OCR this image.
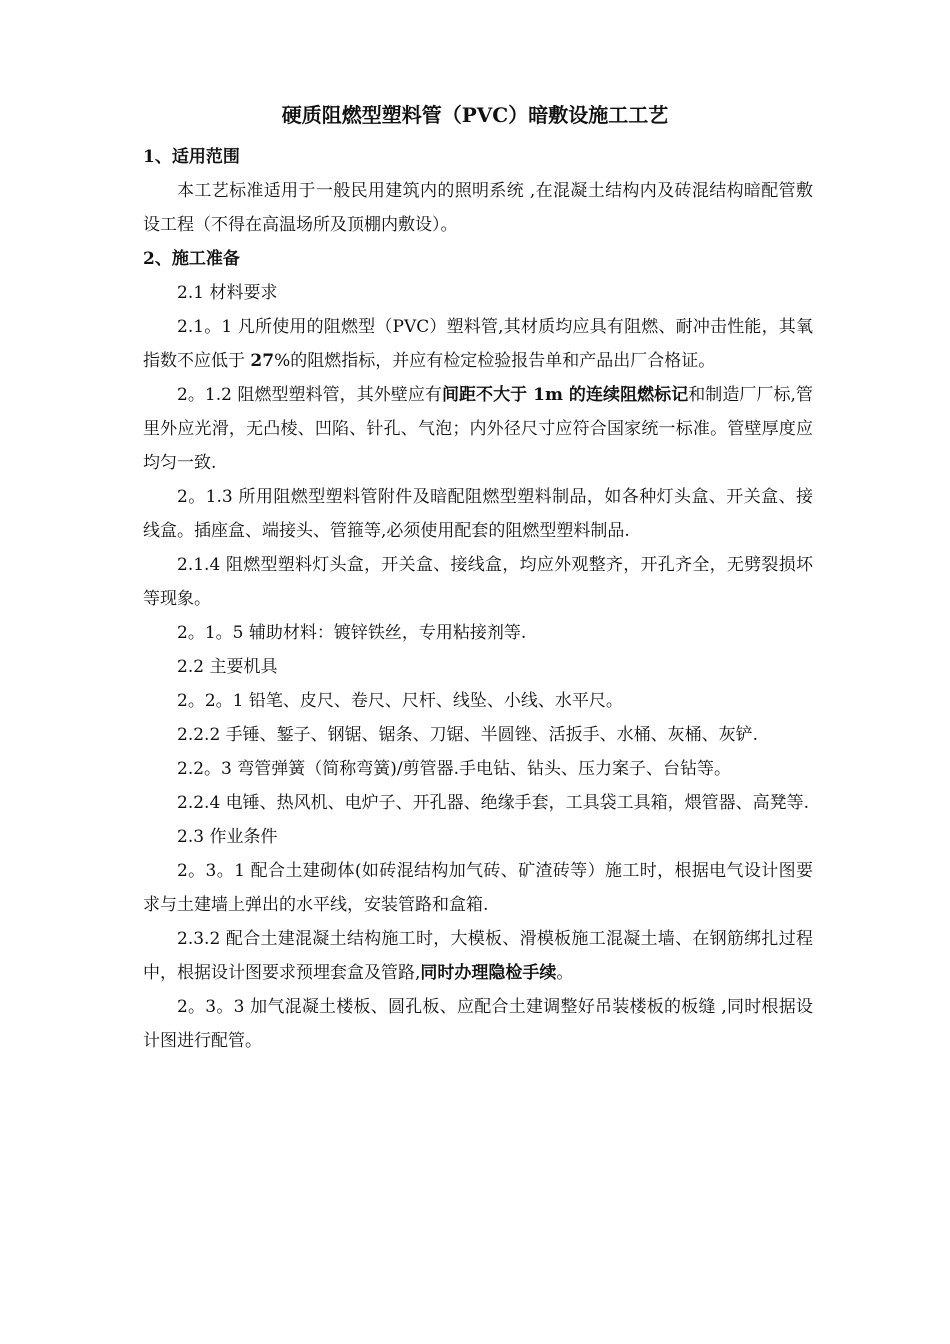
硬质阻燃型塑料管（PVC）暗敷设施工工艺

1、适用范围

本工艺标准适用于一般民用建筑内的照明系统 ,在混凝土结构内及砖混结构暗配管敷设工程（不得在高温场所及顶棚内敷设）。

2、施工准备

2.1 材料要求

2.1。1 凡所使用的阻燃型（PVC）塑料管,其材质均应具有阻燃、耐冲击性能，其氧指数不应低于 27%的阻燃指标，并应有检定检验报告单和产品出厂合格证。

2。1.2 阻燃型塑料管，其外壁应有间距不大于 1m 的连续阻燃标记和制造厂厂标,管里外应光滑，无凸棱、凹陷、针孔、气泡；内外径尺寸应符合国家统一标准。管壁厚度应均匀一致.

2。1.3 所用阻燃型塑料管附件及暗配阻燃型塑料制品，如各种灯头盒、开关盒、接线盒。插座盒、端接头、管箍等,必须使用配套的阻燃型塑料制品.

2.1.4 阻燃型塑料灯头盒，开关盒、接线盒，均应外观整齐，开孔齐全，无劈裂损坏等现象。

2。1。5 辅助材料：镀锌铁丝，专用粘接剂等.

2.2 主要机具

2。2。1 铅笔、皮尺、卷尺、尺杆、线坠、小线、水平尺。

2.2.2 手锤、錾子、钢锯、锯条、刀锯、半圆锉、活扳手、水桶、灰桶、灰铲.

2.2。3 弯管弹簧（简称弯簧)/剪管器.手电钻、钻头、压力案子、台钻等。

2.2.4 电锤、热风机、电炉子、开孔器、绝缘手套，工具袋工具箱，煨管器、高凳等.

2.3 作业条件

2。3。1 配合土建砌体(如砖混结构加气砖、矿渣砖等）施工时，根据电气设计图要求与土建墙上弹出的水平线，安装管路和盒箱.

2.3.2 配合土建混凝土结构施工时，大模板、滑模板施工混凝土墙、在钢筋绑扎过程中，根据设计图要求预埋套盒及管路,同时办理隐检手续。

2。3。3 加气混凝土楼板、圆孔板、应配合土建调整好吊装楼板的板缝 ,同时根据设计图进行配管。
